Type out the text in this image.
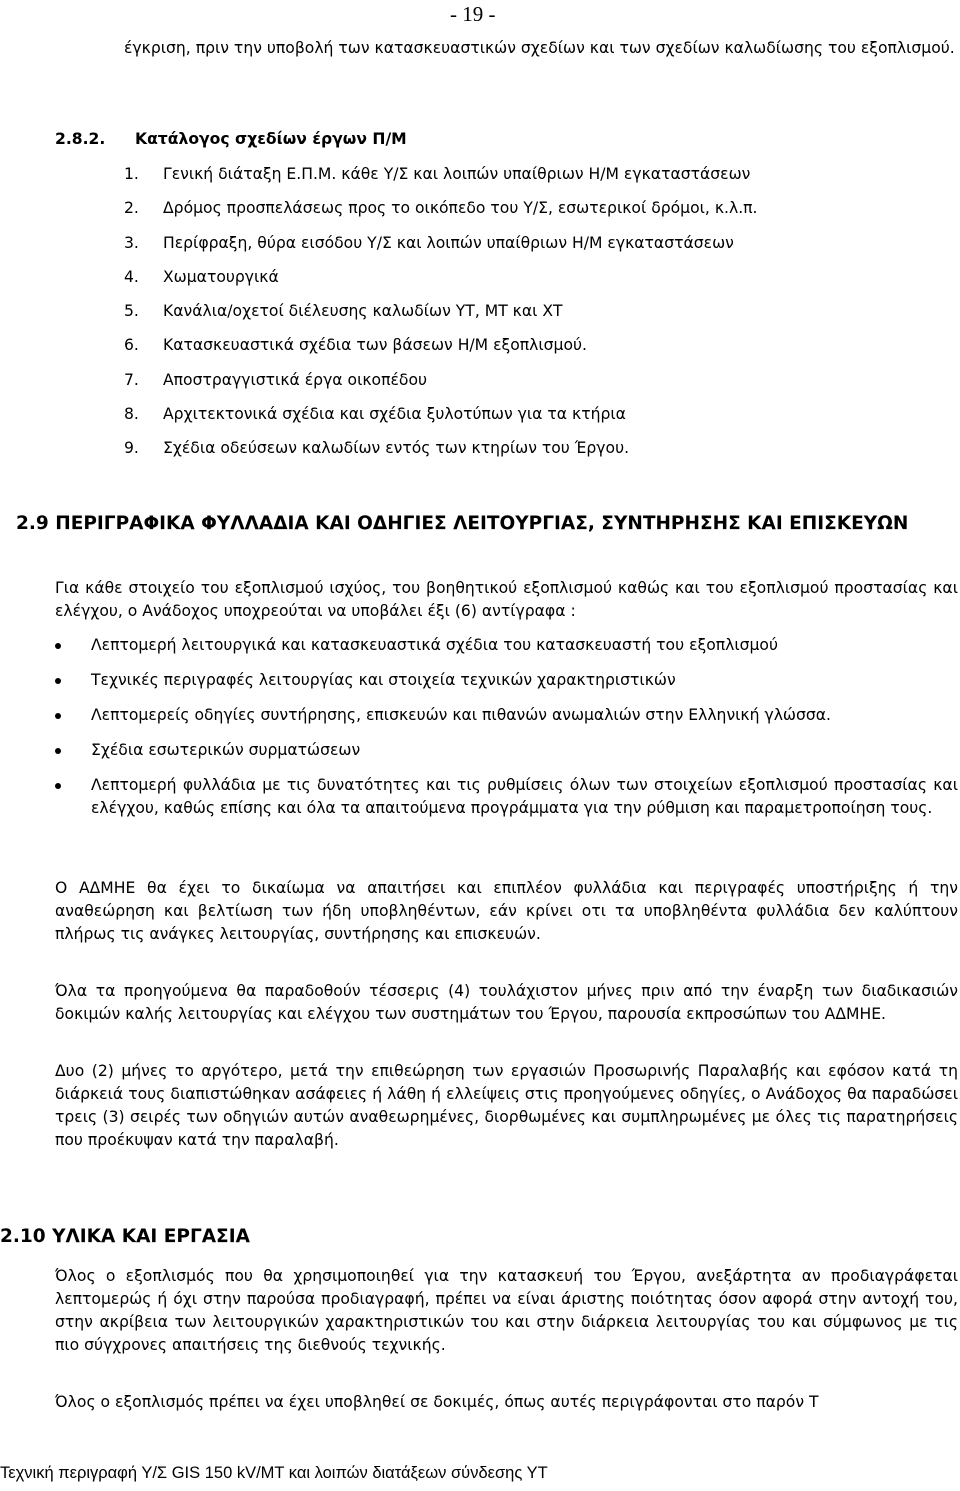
- 19 -
έγκριση, πριν την υποβολή των κατασκευαστικών σχεδίων και των σχεδίων καλωδίωσης του εξοπλισμού.
2.8.2. Κατάλογος σχεδίων έργων Π/Μ
1. Γενική διάταξη Ε.Π.Μ. κάθε Υ/Σ και λοιπών υπαίθριων Η/Μ εγκαταστάσεων
2. Δρόμος προσπελάσεως προς το οικόπεδο του Υ/Σ, εσωτερικοί δρόμοι, κ.λ.π.
3. Περίφραξη, θύρα εισόδου Υ/Σ και λοιπών υπαίθριων Η/Μ εγκαταστάσεων
4. Χωματουργικά
5. Κανάλια/οχετοί διέλευσης καλωδίων ΥΤ, ΜΤ και ΧΤ
6. Κατασκευαστικά σχέδια των βάσεων Η/Μ εξοπλισμού.
7. Αποστραγγιστικά έργα οικοπέδου
8. Αρχιτεκτονικά σχέδια και σχέδια ξυλοτύπων για τα κτήρια
9. Σχέδια οδεύσεων καλωδίων εντός των κτηρίων του Έργου.
2.9 ΠΕΡΙΓΡΑΦΙΚΑ ΦΥΛΛΑΔΙΑ ΚΑΙ ΟΔΗΓΙΕΣ ΛΕΙΤΟΥΡΓΙΑΣ, ΣΥΝΤΗΡΗΣΗΣ ΚΑΙ ΕΠΙΣΚΕΥΩΝ
Για κάθε στοιχείο του εξοπλισμού ισχύος, του βοηθητικού εξοπλισμού καθώς και του εξοπλισμού προστασίας και ελέγχου, ο Ανάδοχος υποχρεούται να υποβάλει έξι (6) αντίγραφα :
Λεπτομερή λειτουργικά και κατασκευαστικά σχέδια του κατασκευαστή του εξοπλισμού
Τεχνικές περιγραφές λειτουργίας και στοιχεία τεχνικών χαρακτηριστικών
Λεπτομερείς οδηγίες συντήρησης, επισκευών και πιθανών ανωμαλιών στην Ελληνική γλώσσα.
Σχέδια εσωτερικών συρματώσεων
Λεπτομερή φυλλάδια με τις δυνατότητες και τις ρυθμίσεις όλων των στοιχείων εξοπλισμού προστασίας και ελέγχου, καθώς επίσης και όλα τα απαιτούμενα προγράμματα για την ρύθμιση και παραμετροποίηση τους.
Ο ΑΔΜΗΕ θα έχει το δικαίωμα να απαιτήσει και επιπλέον φυλλάδια και περιγραφές υποστήριξης ή την αναθεώρηση και βελτίωση των ήδη υποβληθέντων, εάν κρίνει οτι τα υποβληθέντα φυλλάδια δεν καλύπτουν πλήρως τις ανάγκες λειτουργίας, συντήρησης και επισκευών.
Όλα τα προηγούμενα θα παραδοθούν τέσσερις (4) τουλάχιστον μήνες πριν από την έναρξη των διαδικασιών δοκιμών καλής λειτουργίας και ελέγχου των συστημάτων του Έργου, παρουσία εκπροσώπων του ΑΔΜΗΕ.
Δυο (2) μήνες το αργότερο, μετά την επιθεώρηση των εργασιών Προσωρινής Παραλαβής και εφόσον κατά τη διάρκειά τους διαπιστώθηκαν ασάφειες ή λάθη ή ελλείψεις στις προηγούμενες οδηγίες, ο Ανάδοχος θα παραδώσει τρεις (3) σειρές των οδηγιών αυτών αναθεωρημένες, διορθωμένες και συμπληρωμένες με όλες τις παρατηρήσεις που προέκυψαν κατά την παραλαβή.
2.10 ΥΛΙΚΑ ΚΑΙ ΕΡΓΑΣΙΑ
Όλος ο εξοπλισμός που θα χρησιμοποιηθεί για την κατασκευή του Έργου, ανεξάρτητα αν προδιαγράφεται λεπτομερώς ή όχι στην παρούσα προδιαγραφή, πρέπει να είναι άριστης ποιότητας όσον αφορά στην αντοχή του, στην ακρίβεια των λειτουργικών χαρακτηριστικών του και στην διάρκεια λειτουργίας του και σύμφωνος με τις πιο σύγχρονες απαιτήσεις της διεθνούς τεχνικής.
Όλος ο εξοπλισμός πρέπει να έχει υποβληθεί σε δοκιμές, όπως αυτές περιγράφονται στο παρόν Τ
Τεχνική περιγραφή Υ/Σ GIS 150 kV/ΜΤ και λοιπών διατάξεων σύνδεσης ΥΤ
